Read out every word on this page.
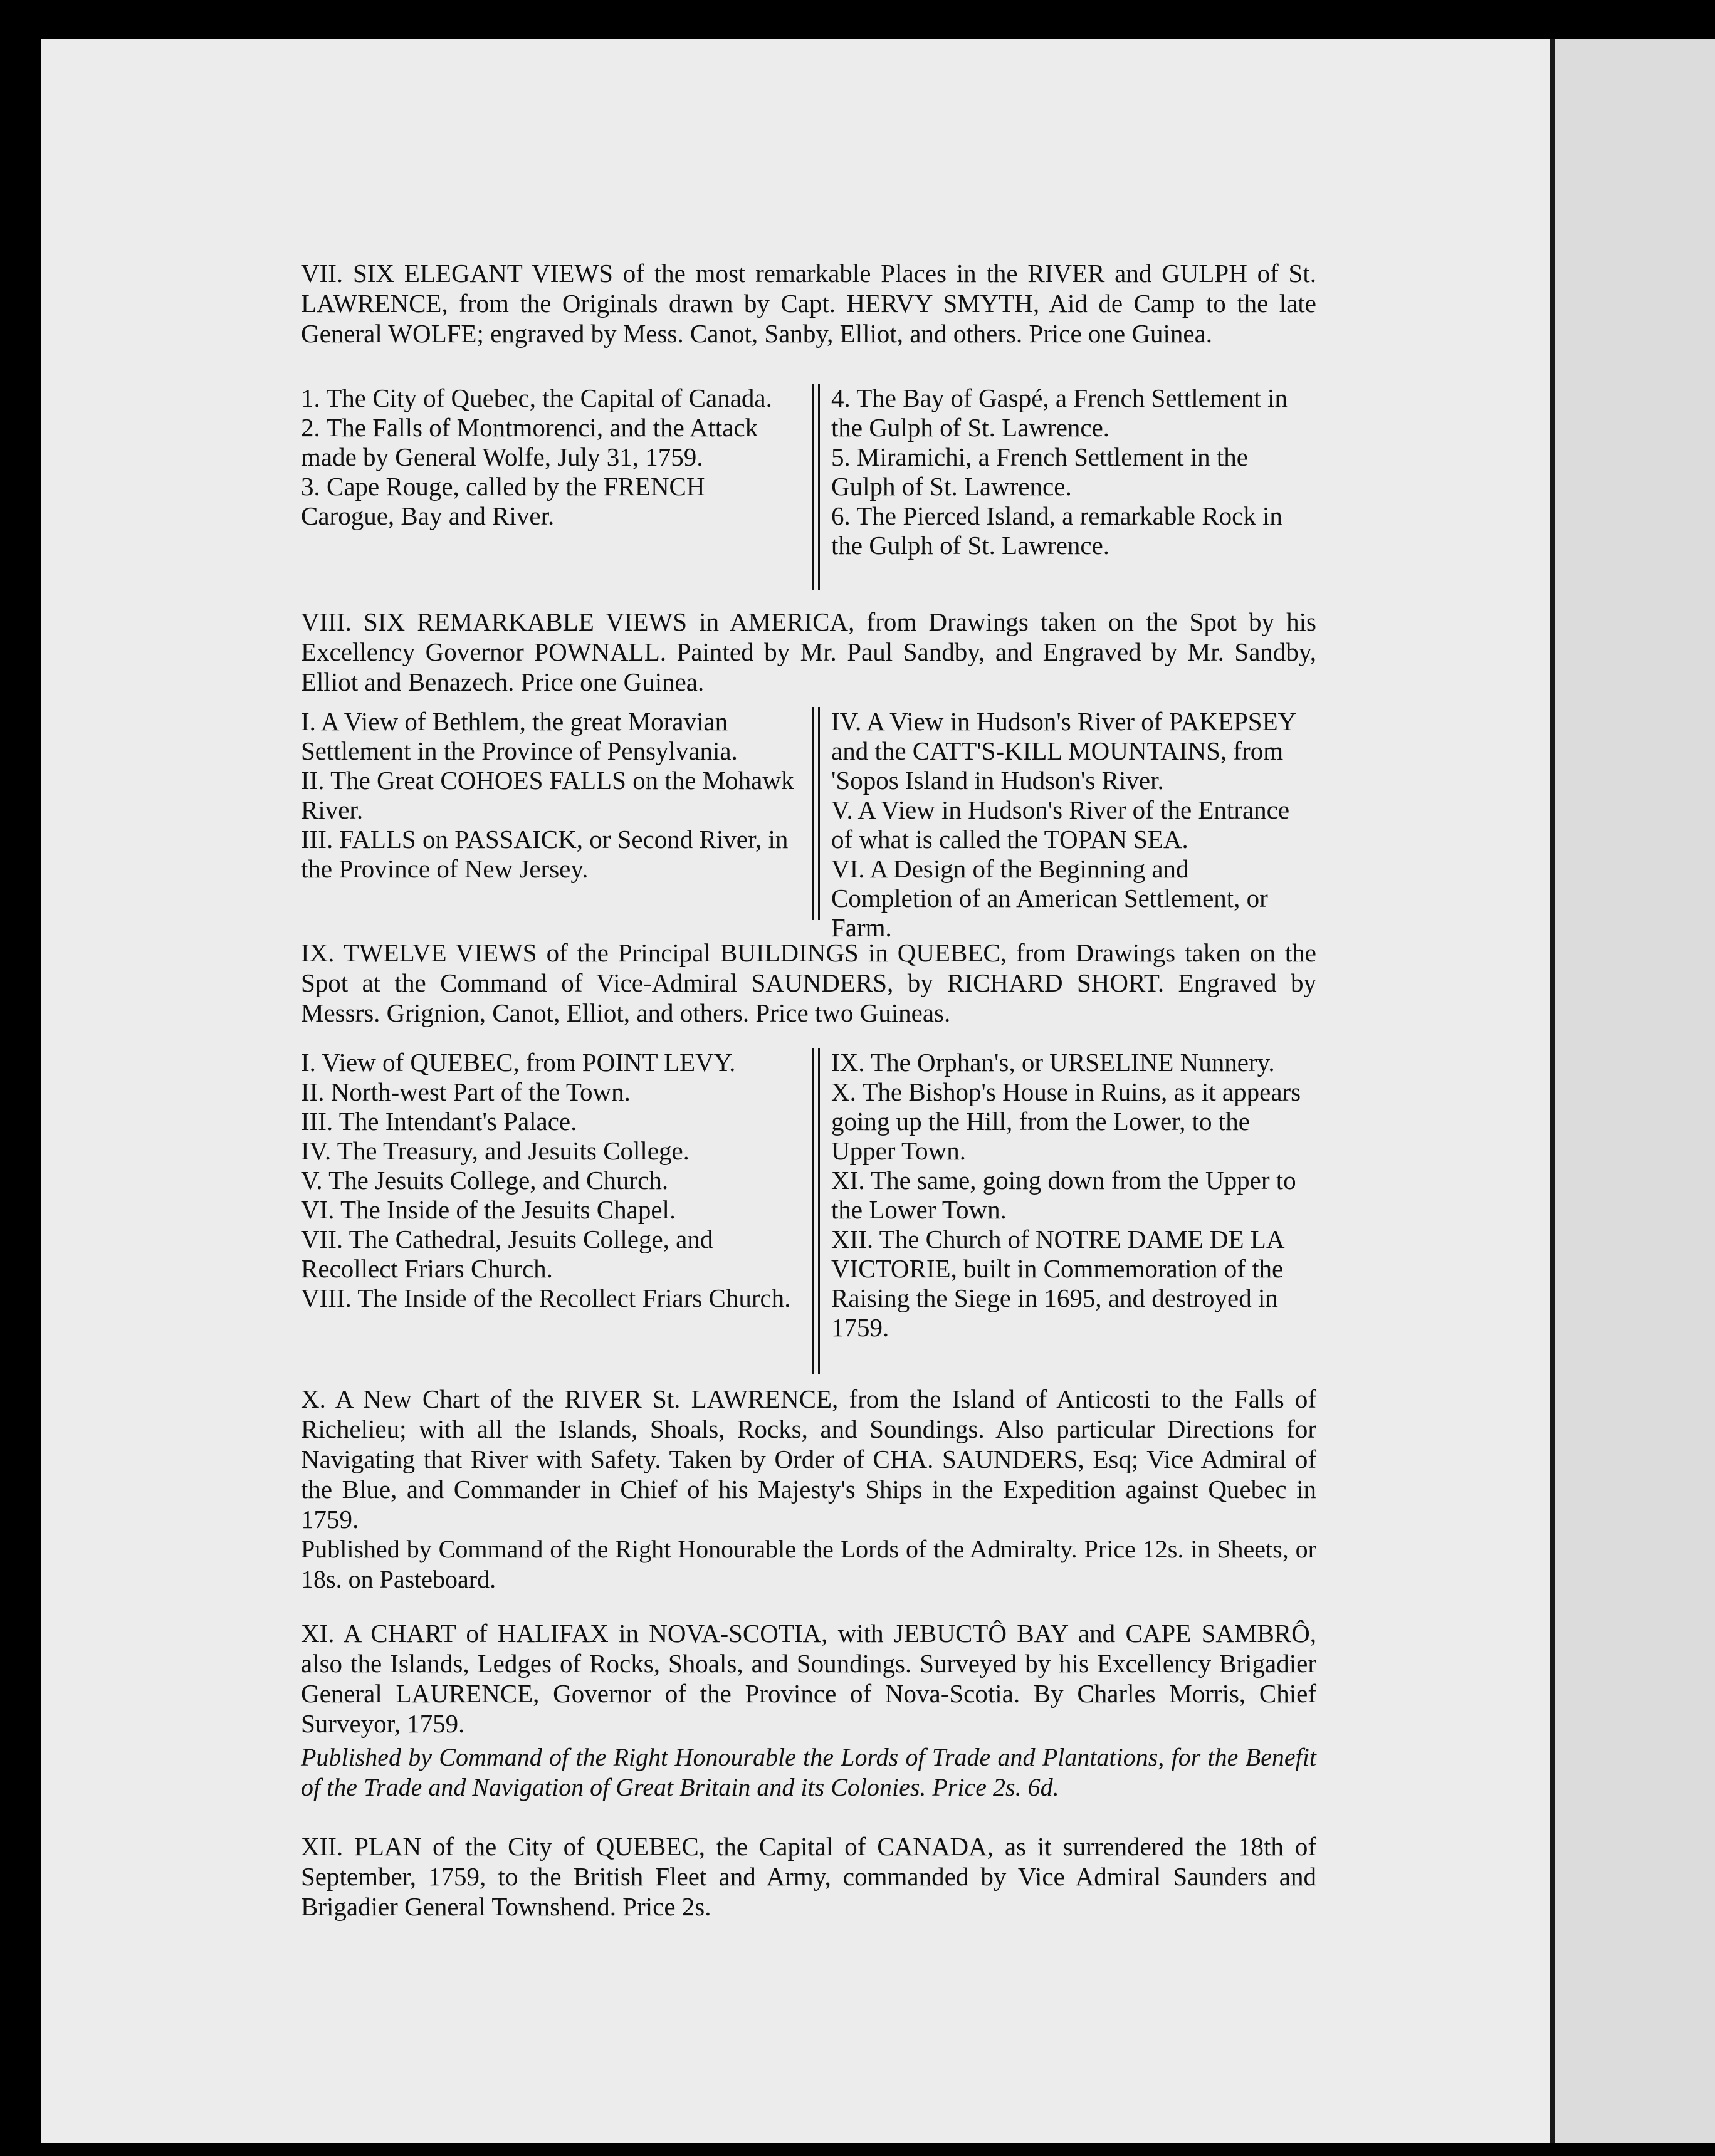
VII. SIX ELEGANT VIEWS of the most remarkable Places in the RIVER and GULPH of St. LAWRENCE, from the Originals drawn by Capt. HERVY SMYTH, Aid de Camp to the late General WOLFE; engraved by Mess. Canot, Sanby, Elliot, and others. Price one Guinea.

1. The City of Quebec, the Capital of Canada.

2. The Falls of Montmorenci, and the Attack made by General Wolfe, July 31, 1759.

3. Cape Rouge, called by the FRENCH Carogue, Bay and River.

4. The Bay of Gaspé, a French Settlement in the Gulph of St. Lawrence.

5. Miramichi, a French Settlement in the Gulph of St. Lawrence.

6. The Pierced Island, a remarkable Rock in the Gulph of St. Lawrence.

VIII. SIX REMARKABLE VIEWS in AMERICA, from Drawings taken on the Spot by his Excellency Governor POWNALL. Painted by Mr. Paul Sandby, and Engraved by Mr. Sandby, Elliot and Benazech. Price one Guinea.

I. A View of Bethlem, the great Moravian Settlement in the Province of Pensylvania.

II. The Great COHOES FALLS on the Mohawk River.

III. FALLS on PASSAICK, or Second River, in the Province of New Jersey.

IV. A View in Hudson's River of PAKEPSEY and the CATT'S-KILL MOUNTAINS, from 'Sopos Island in Hudson's River.

V. A View in Hudson's River of the Entrance of what is called the TOPAN SEA.

VI. A Design of the Beginning and Completion of an American Settlement, or Farm.

IX. TWELVE VIEWS of the Principal BUILDINGS in QUEBEC, from Drawings taken on the Spot at the Command of Vice-Admiral SAUNDERS, by RICHARD SHORT. Engraved by Messrs. Grignion, Canot, Elliot, and others. Price two Guineas.

I. View of QUEBEC, from POINT LEVY.

II. North-west Part of the Town.

III. The Intendant's Palace.

IV. The Treasury, and Jesuits College.

V. The Jesuits College, and Church.

VI. The Inside of the Jesuits Chapel.

VII. The Cathedral, Jesuits College, and Recollect Friars Church.

VIII. The Inside of the Recollect Friars Church.

IX. The Orphan's, or URSELINE Nunnery.

X. The Bishop's House in Ruins, as it appears going up the Hill, from the Lower, to the Upper Town.

XI. The same, going down from the Upper to the Lower Town.

XII. The Church of NOTRE DAME DE LA VICTORIE, built in Commemoration of the Raising the Siege in 1695, and destroyed in 1759.

X. A New Chart of the RIVER St. LAWRENCE, from the Island of Anticosti to the Falls of Richelieu; with all the Islands, Shoals, Rocks, and Soundings. Also particular Directions for Navigating that River with Safety. Taken by Order of CHA. SAUNDERS, Esq; Vice Admiral of the Blue, and Commander in Chief of his Majesty's Ships in the Expedition against Quebec in 1759.

Published by Command of the Right Honourable the Lords of the Admiralty. Price 12s. in Sheets, or 18s. on Pasteboard.

XI. A CHART of HALIFAX in NOVA-SCOTIA, with JEBUCTÔ BAY and CAPE SAMBRÔ, also the Islands, Ledges of Rocks, Shoals, and Soundings. Surveyed by his Excellency Brigadier General LAURENCE, Governor of the Province of Nova-Scotia. By Charles Morris, Chief Surveyor, 1759.

Published by Command of the Right Honourable the Lords of Trade and Plantations, for the Benefit of the Trade and Navigation of Great Britain and its Colonies. Price 2s. 6d.

XII. PLAN of the City of QUEBEC, the Capital of CANADA, as it surrendered the 18th of September, 1759, to the British Fleet and Army, commanded by Vice Admiral Saunders and Brigadier General Townshend. Price 2s.
